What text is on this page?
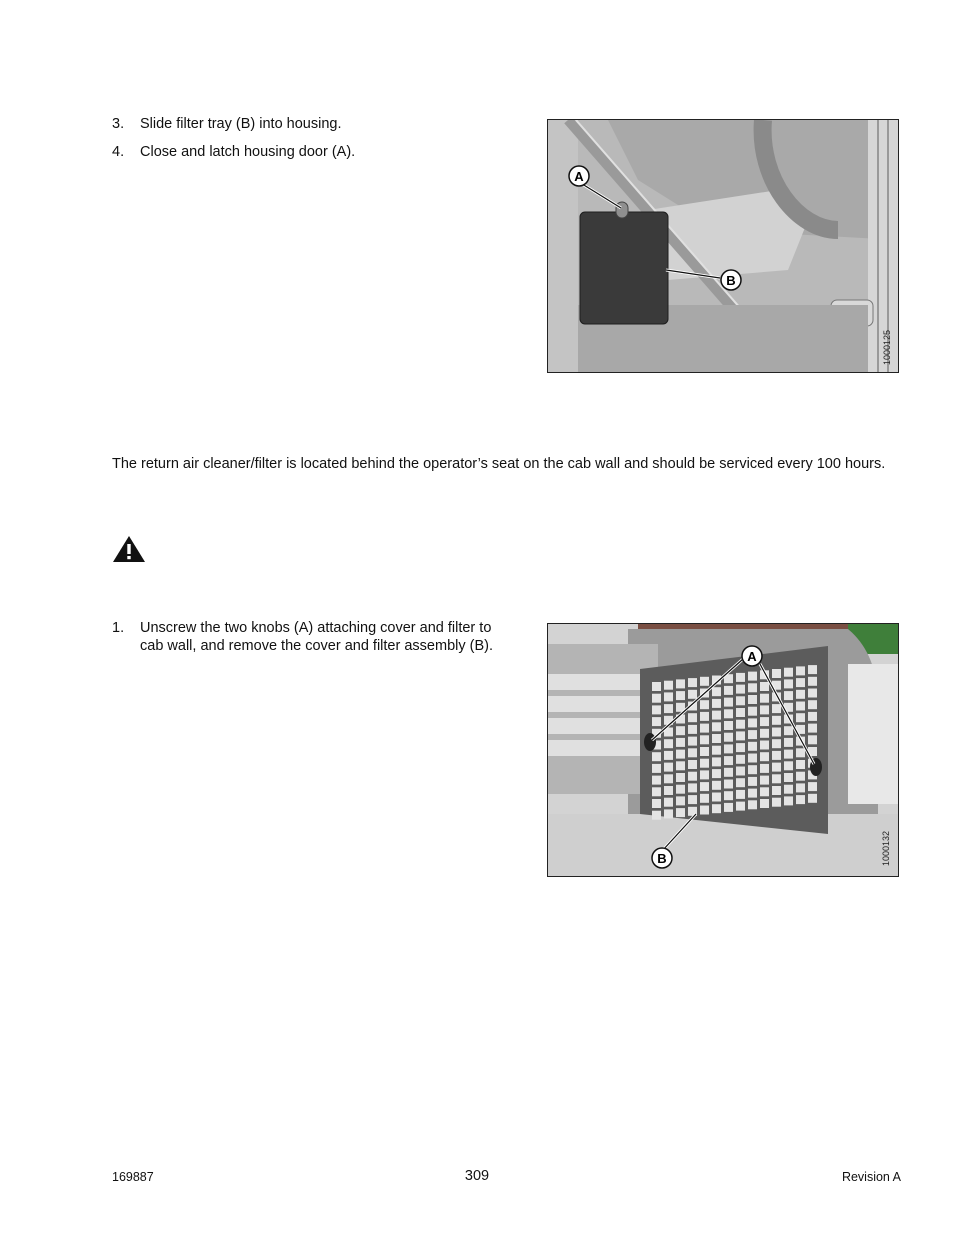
3. Slide filter tray (B) into housing.
4. Close and latch housing door (A).
A
B
1000125
The return air cleaner/filter is located behind the operator’s seat on the cab wall and should be serviced every 100 hours.
1. Unscrew the two knobs (A) attaching cover and filter to
cab wall, and remove the cover and filter assembly (B).
A
B	1000132
169887	309	Revision A
